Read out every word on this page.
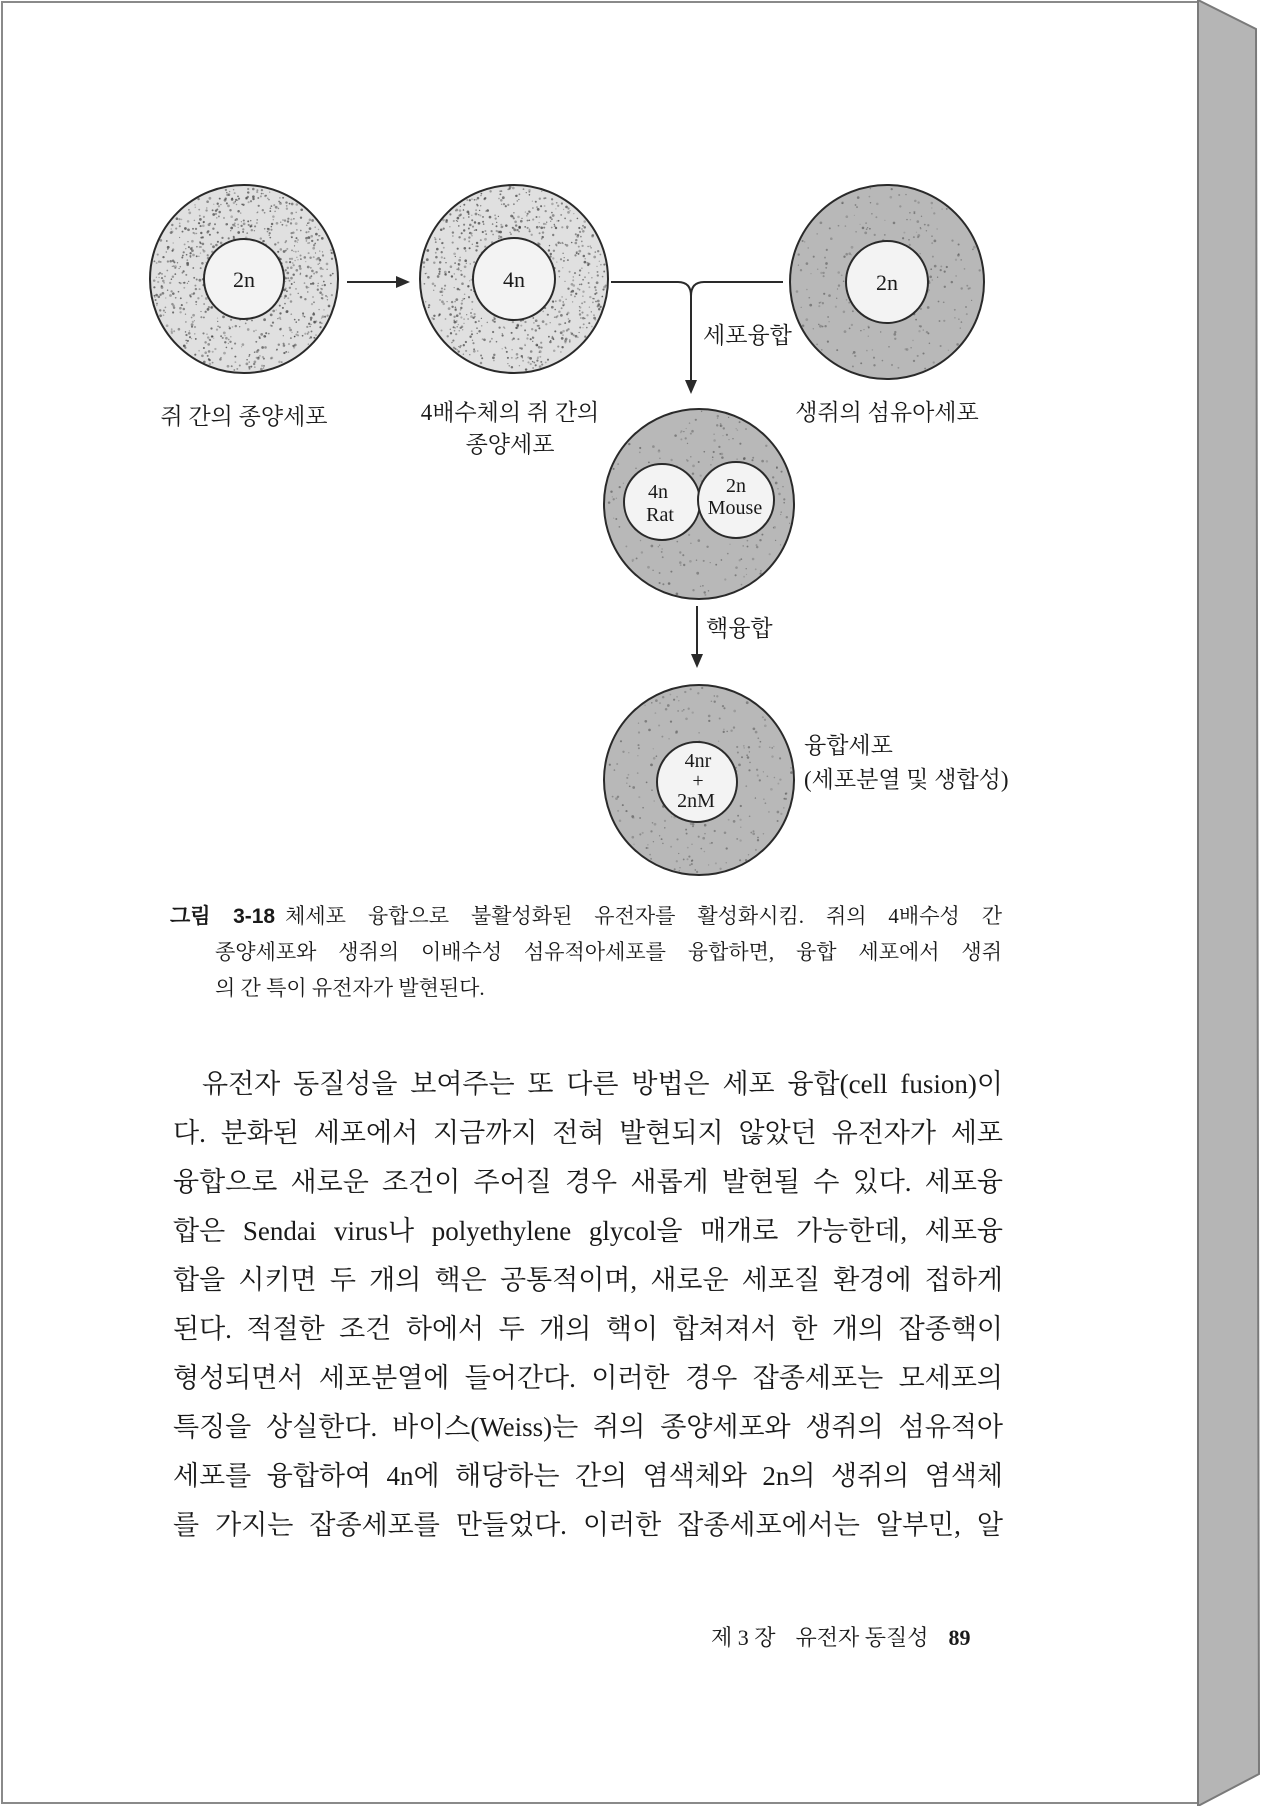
2n
쥐 간의 종양세포
4n
4배수체의 쥐 간의
종양세포
세포융합
2n
생쥐의 섬유아세포
4n
Rat
2n
Mouse
핵융합
4nr
+
2nM
융합세포
(세포분열 및 생합성)
그림 3-18 체세포 융합으로 불활성화된 유전자를 활성화시킴. 쥐의 4배수성 간
종양세포와 생쥐의 이배수성 섬유적아세포를 융합하면, 융합 세포에서 생쥐
의 간 특이 유전자가 발현된다.
유전자 동질성을 보여주는 또 다른 방법은 세포 융합(cell fusion)이
다. 분화된 세포에서 지금까지 전혀 발현되지 않았던 유전자가 세포
융합으로 새로운 조건이 주어질 경우 새롭게 발현될 수 있다. 세포융
합은 Sendai virus나 polyethylene glycol을 매개로 가능한데, 세포융
합을 시키면 두 개의 핵은 공통적이며, 새로운 세포질 환경에 접하게
된다. 적절한 조건 하에서 두 개의 핵이 합쳐져서 한 개의 잡종핵이
형성되면서 세포분열에 들어간다. 이러한 경우 잡종세포는 모세포의
특징을 상실한다. 바이스(Weiss)는 쥐의 종양세포와 생쥐의 섬유적아
세포를 융합하여 4n에 해당하는 간의 염색체와 2n의 생쥐의 염색체
를 가지는 잡종세포를 만들었다. 이러한 잡종세포에서는 알부민, 알
제 3 장 유전자 동질성 89
